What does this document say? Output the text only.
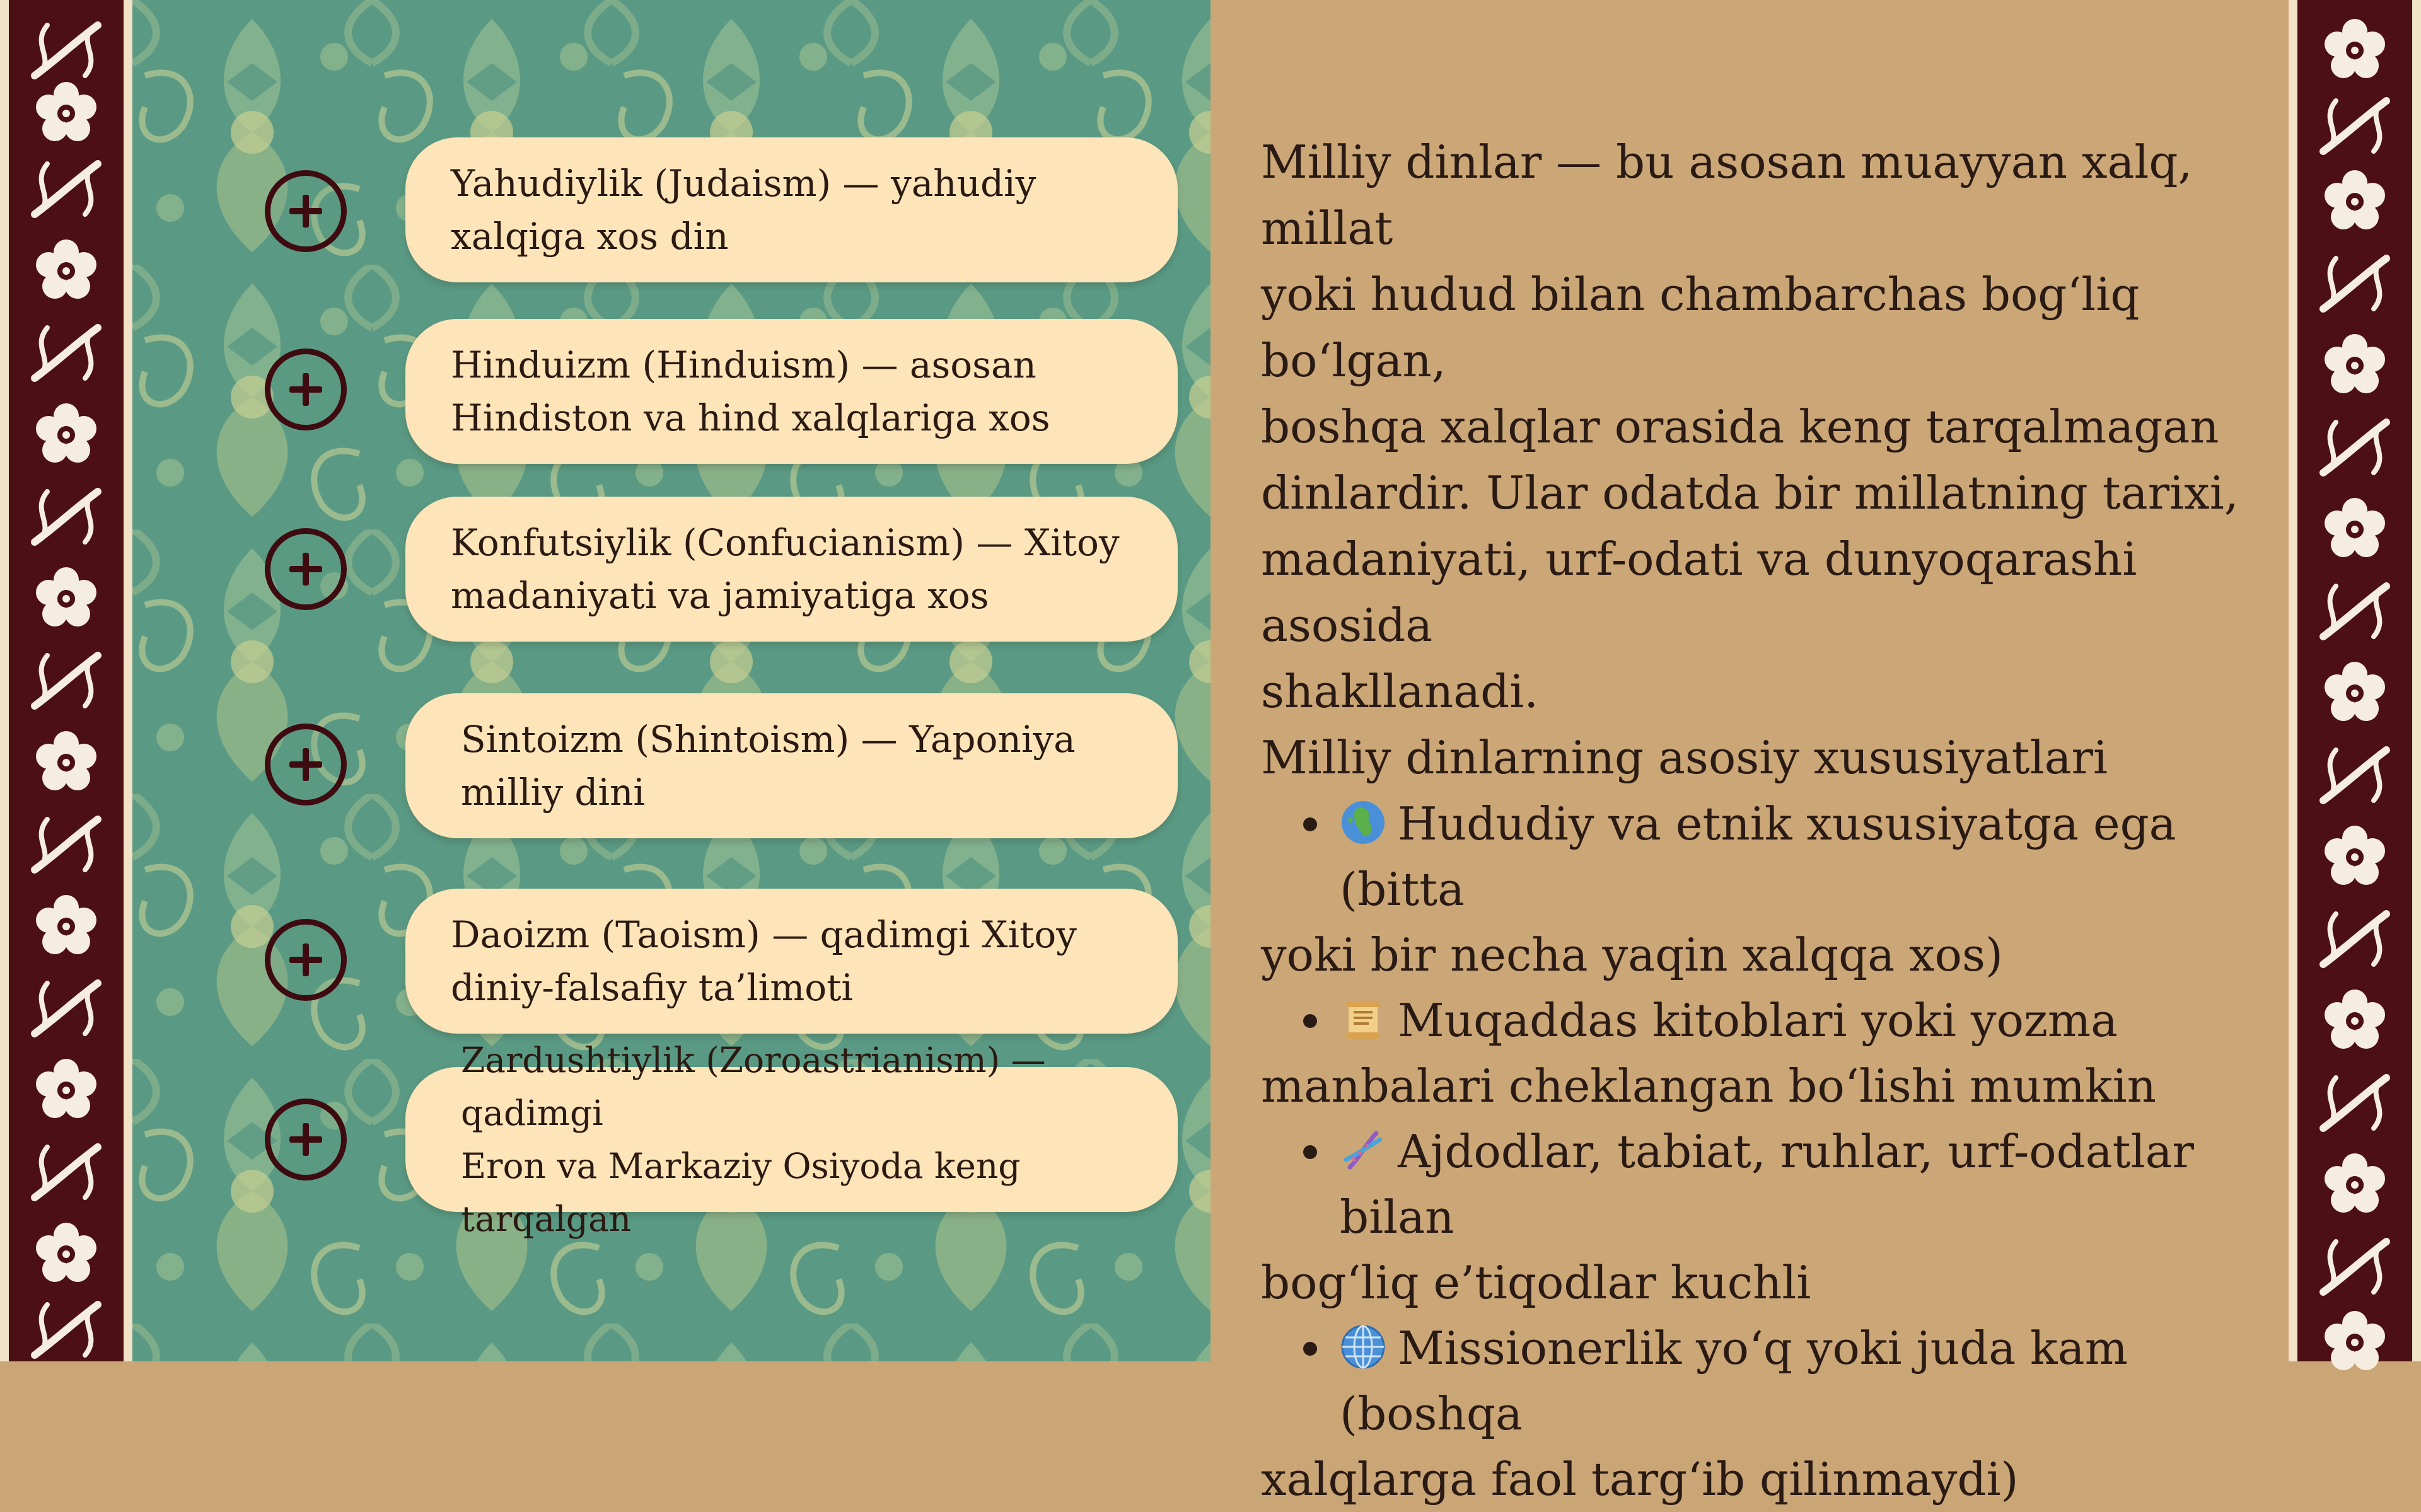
Yahudiylik (Judaism) — yahudiy
xalqiga xos din
Hinduizm (Hinduism) — asosan
Hindiston va hind xalqlariga xos
Konfutsiylik (Confucianism) — Xitoy
madaniyati va jamiyatiga xos
Sintoizm (Shintoism) — Yaponiya
milliy dini
Daoizm (Taoism) — qadimgi Xitoy
diniy-falsafiy ta’limoti
Zardushtiylik (Zoroastrianism) — qadimgi
Eron va Markaziy Osiyoda keng tarqalgan

Milliy dinlar — bu asosan muayyan xalq, millat
yoki hudud bilan chambarchas bog‘liq bo‘lgan,
boshqa xalqlar orasida keng tarqalmagan
dinlardir. Ular odatda bir millatning tarixi,
madaniyati, urf-odati va dunyoqarashi asosida
shakllanadi.

Milliy dinlarning asosiy xususiyatlari

Hududiy va etnik xususiyatga ega (bitta
yoki bir necha yaqin xalqqa xos)
Muqaddas kitoblari yoki yozma
manbalari cheklangan bo‘lishi mumkin
Ajdodlar, tabiat, ruhlar, urf-odatlar bilan
bog‘liq e’tiqodlar kuchli
Missionerlik yo‘q yoki juda kam (boshqa
xalqlarga faol targ‘ib qilinmaydi)
